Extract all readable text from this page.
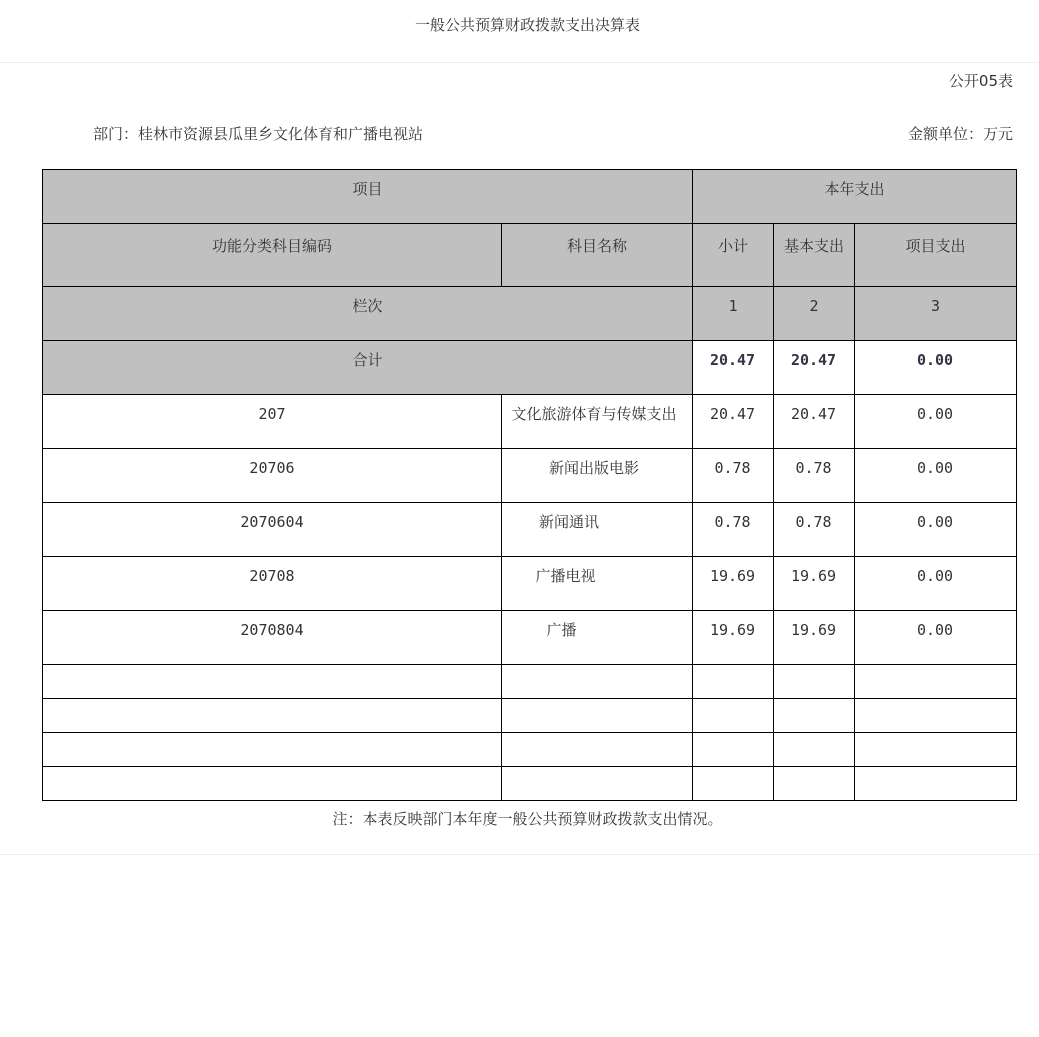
一般公共预算财政拨款支出决算表
公开05表
部门：桂林市资源县瓜里乡文化体育和广播电视站	金额单位：万元
项目		本年支出		

功能分类科目编码	科目名称	小计	基本支出	项目支出

栏次		1	2	3

合计		20.47	20.47	0.00

207	文化旅游体育与传媒支出	20.47	20.47	0.00

20706	新闻出版电影	0.78	0.78	0.00

2070604	新闻通讯	0.78	0.78	0.00

20708	广播电视	19.69	19.69	0.00

2070804	广播	19.69	19.69	0.00

注：本表反映部门本年度一般公共预算财政拨款支出情况。
